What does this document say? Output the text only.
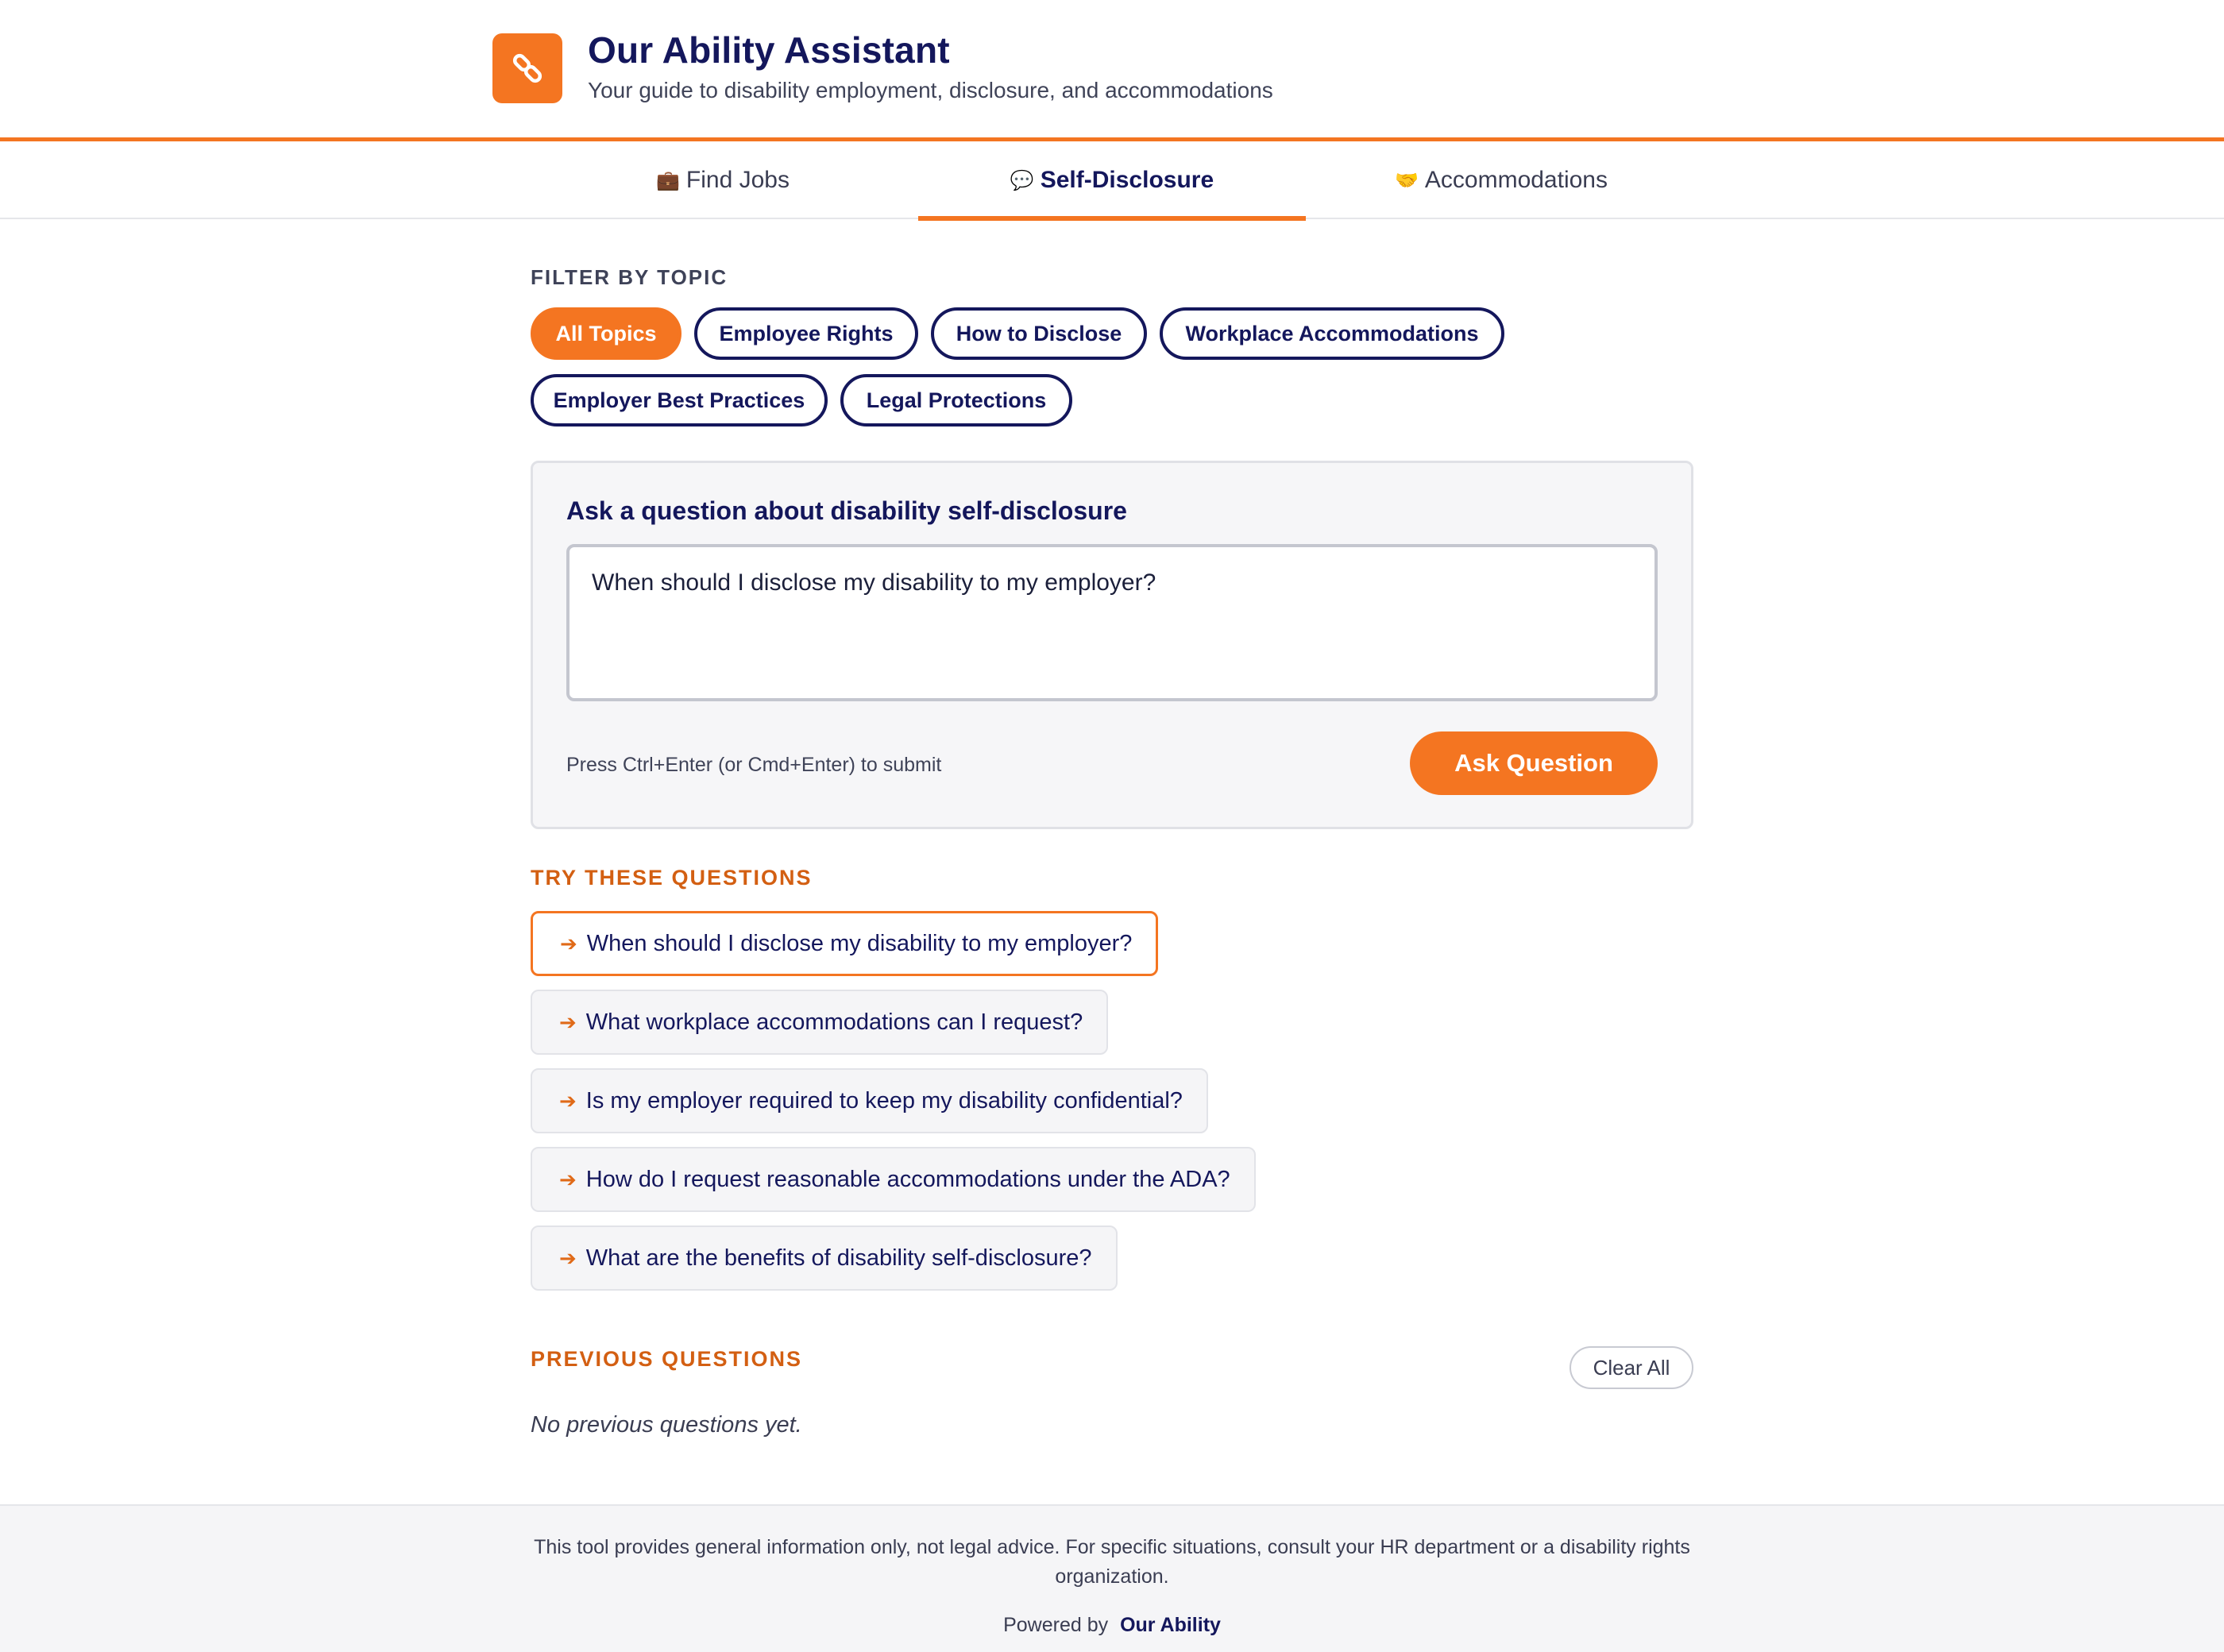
Our Ability Assistant
Your guide to disability employment, disclosure, and accommodations
💼 Find Jobs	💬 Self-Disclosure	🤝 Accommodations
FILTER BY TOPIC
All Topics	Employee Rights	How to Disclose	Workplace Accommodations
Employer Best Practices	Legal Protections
Ask a question about disability self-disclosure
When should I disclose my disability to my employer?
Press Ctrl+Enter (or Cmd+Enter) to submit	Ask Question
TRY THESE QUESTIONS
➔ When should I disclose my disability to my employer?
➔ What workplace accommodations can I request?
➔ Is my employer required to keep my disability confidential?
➔ How do I request reasonable accommodations under the ADA?
➔ What are the benefits of disability self-disclosure?
PREVIOUS QUESTIONS	Clear All
No previous questions yet.
This tool provides general information only, not legal advice. For specific situations, consult your HR department or a disability rights organization.
Powered by Our Ability
